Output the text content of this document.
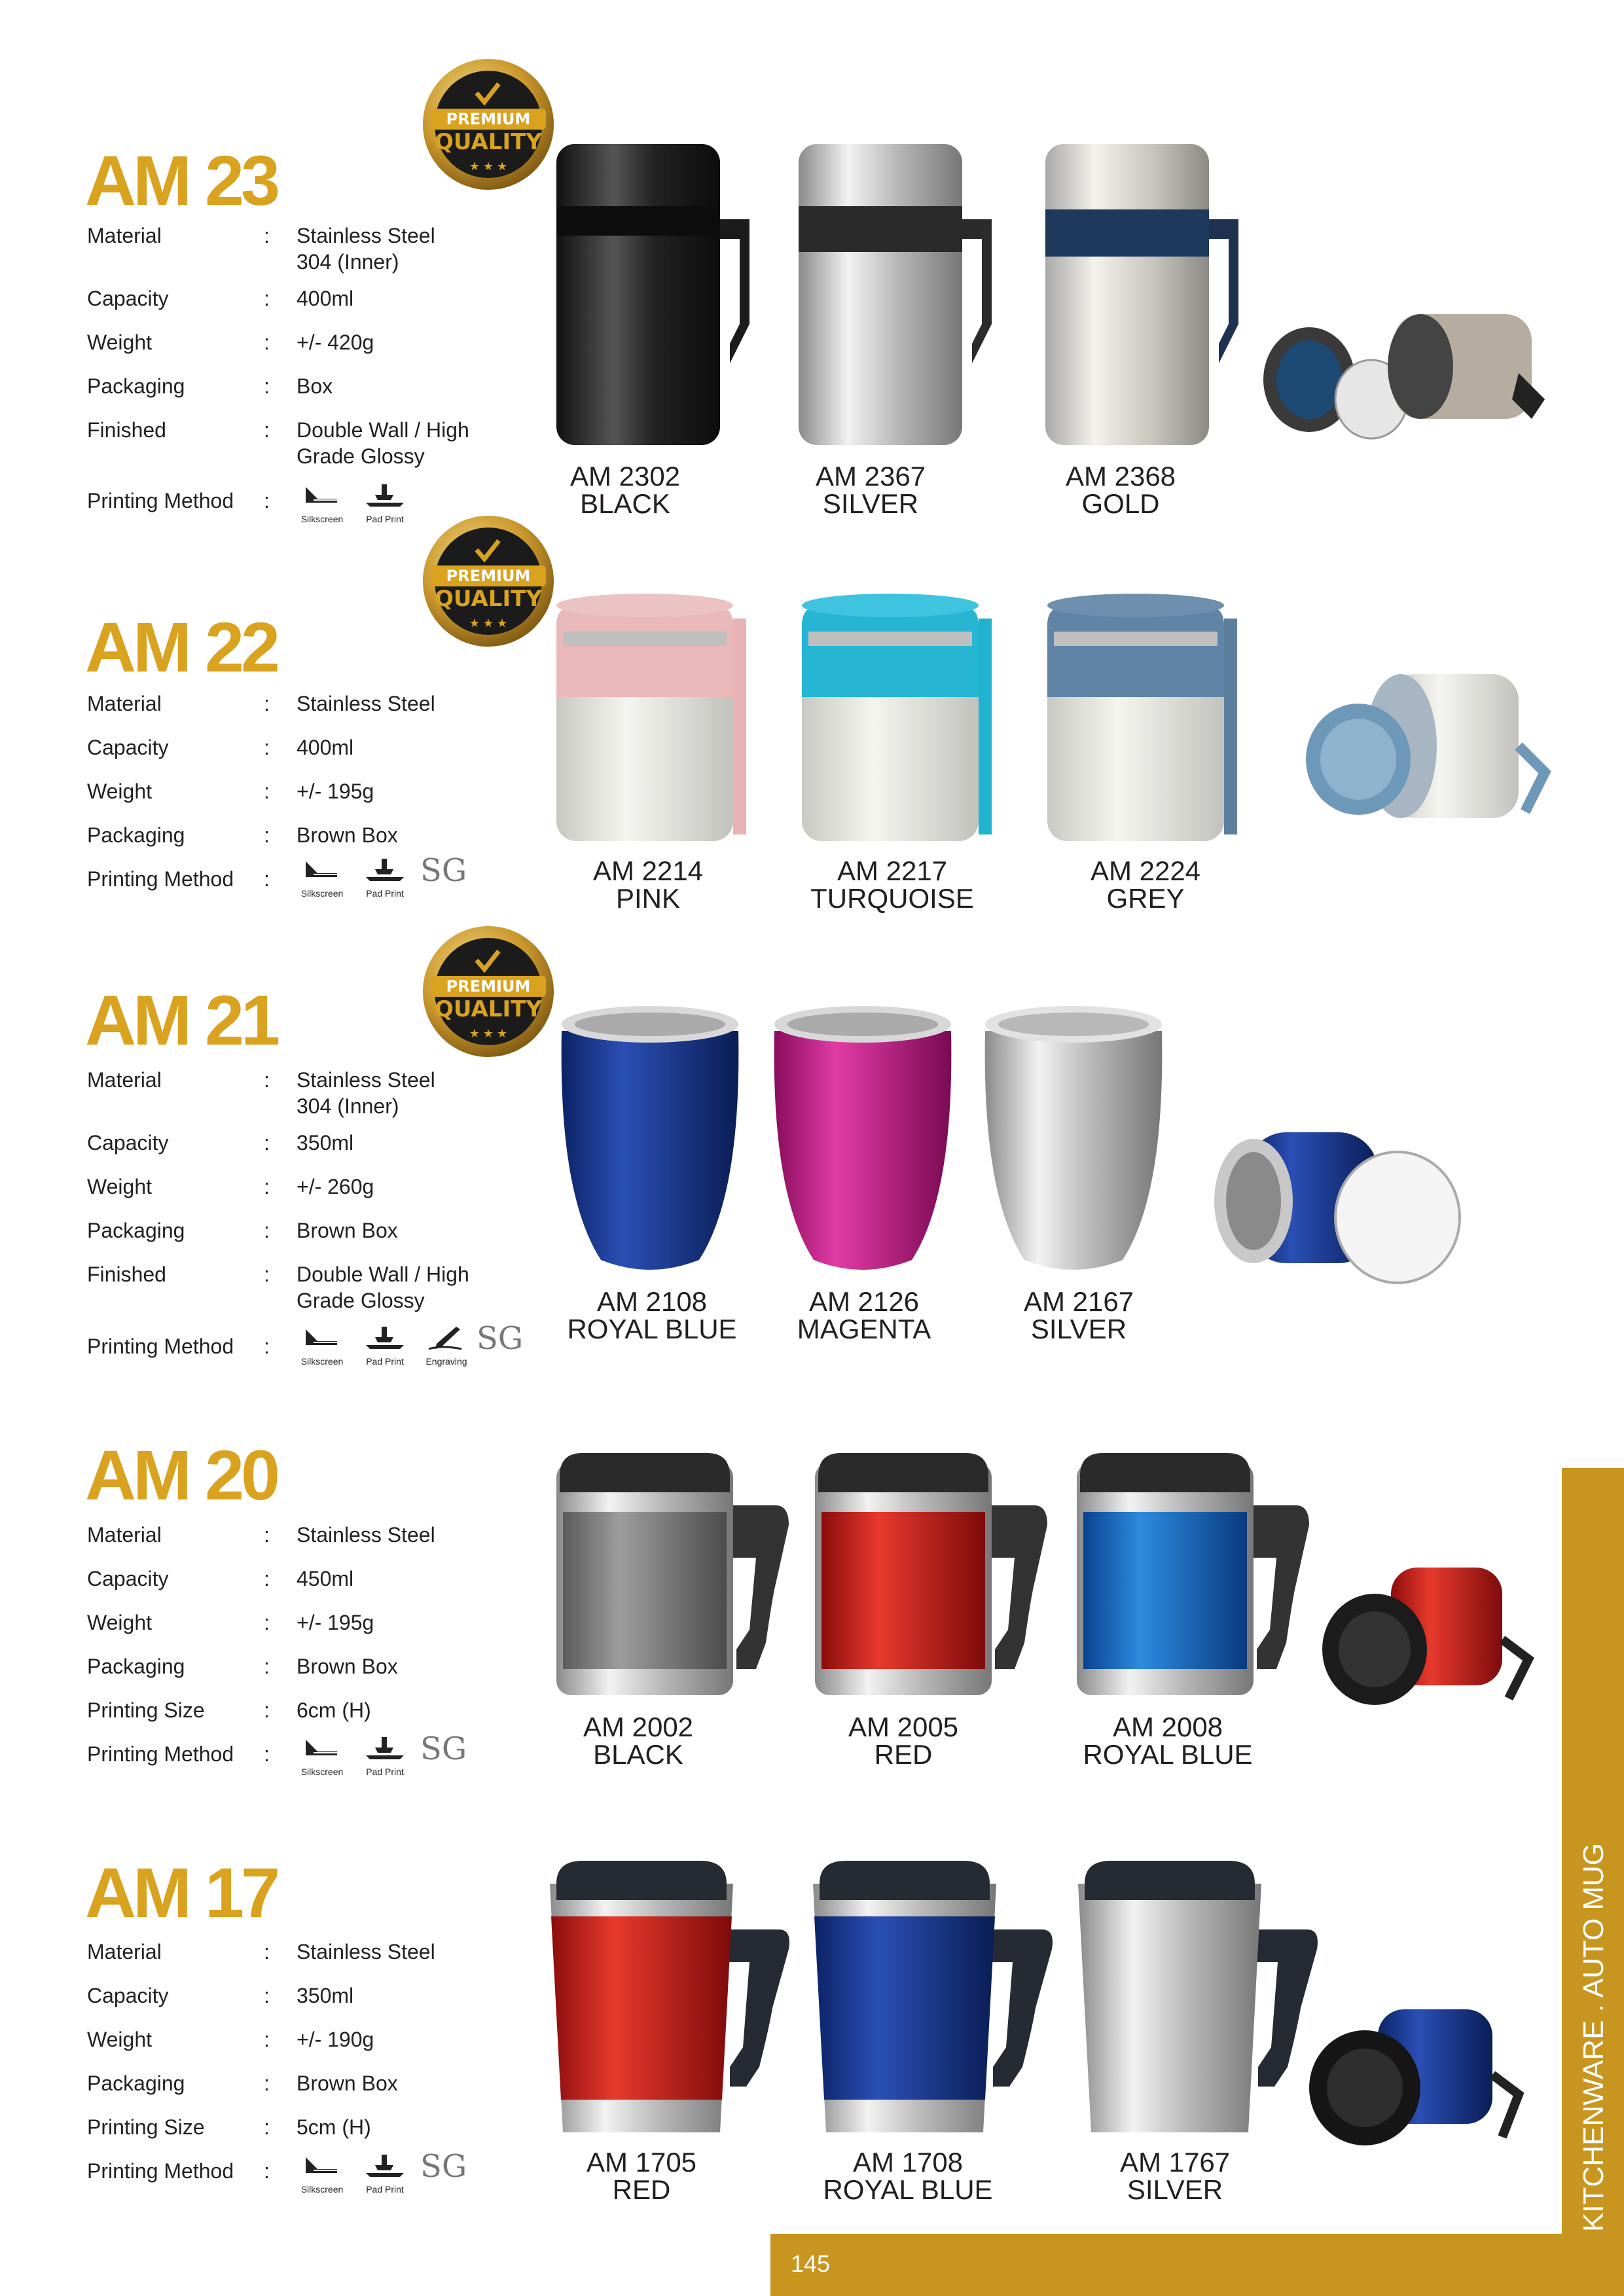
AM 23
PREMIUM
QUALITY
★ ★ ★
Material	: Stainless Steel
304 (Inner)
Capacity	: 400ml
Weight	: +/- 420g
Packaging	: Box
Finished	: Double Wall / High
Grade Glossy
Printing Method :
Silkscreen	Pad Print
AM 2302
BLACK
AM 2367
SILVER
AM 2368
GOLD
AM 22
PREMIUM
QUALITY
★ ★ ★
Material	: Stainless Steel
Capacity	: 400ml
Weight	: +/- 195g
Packaging	: Brown Box
Printing Method :
Silkscreen	Pad Print
SG	AM 2214
PINK
AM 2217
TURQUOISE
AM 2224
GREY
AM 21	PREMIUM
QUALITY
★ ★ ★
Material	: Stainless Steel
304 (Inner)
Capacity	: 350ml
Weight	: +/- 260g
Packaging	: Brown Box
Finished	: Double Wall / High
Grade Glossy
Printing Method :
Silkscreen	Pad Print	Engraving
SG
AM 2108
ROYAL BLUE
AM 2126
MAGENTA
AM 2167
SILVER
AM 20
Material	: Stainless Steel
Capacity	: 450ml
Weight	: +/- 195g
Packaging	: Brown Box
Printing Size	: 6cm (H)
Printing Method :
Silkscreen	Pad Print
SG
AM 2002
BLACK
AM 2005
RED
AM 2008
ROYAL BLUE
AM 17
Material	: Stainless Steel
Capacity	: 350ml
Weight	: +/- 190g
Packaging	: Brown Box
Printing Size	: 5cm (H)
Printing Method :
Silkscreen	Pad Print
SG	AM 1705
RED
AM 1708
ROYAL BLUE
AM 1767
SILVER	KITCHENWARE . AUTO MUG
145
